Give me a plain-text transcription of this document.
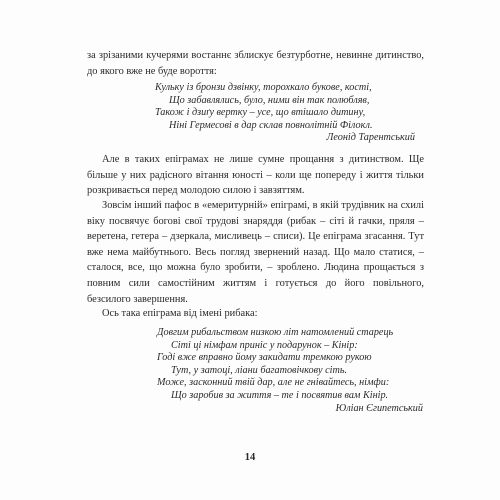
за зрізаними кучерями востаннє зблискує безтурботне, невинне дитинство, до якого вже не буде вороття:

Кульку із бронзи дзвінку, торохкало букове, кості,
Що забавлялись, було, ними він так полюбляв,
Також і дзиґу вертку – усе, що втішало дитину,
Ніні Гермесові в дар склав повнолітній Філокл.
Леонід Тарентський

Але в таких епіграмах не лише сумне прощання з дитинством. Ще більше у них радісного вітання юності – коли ще попереду і життя тільки розкривається перед молодою силою і завзяттям.

Зовсім інший пафос в «емеритурній» епіграмі, в якій трудівник на схилі віку посвячує богові свої трудові знаряддя (рибак – сіті й гачки, пряля – веретена, гетера – дзеркала, мисливець – списи). Це епіграма згасання. Тут вже нема майбутнього. Весь погляд звернений назад. Що мало статися, – сталося, все, що можна було зробити, – зроблено. Людина прощається з повним сили самостійним життям і готується до його повільного, безсилого завершення.

Ось така епіграма від імені рибака:

Довгим рибальством низкою літ натомлений старець
Сіті ці німфам приніс у подарунок – Кінір:
Годі вже вправно йому закидати тремкою рукою
Тут, у затоці, ліани багатовічкову сіть.
Може, засконний твій дар, але не гнівайтесь, німфи:
Що заробив за життя – те і посвятив вам Кінір.
Юліан Єгипетський

14
